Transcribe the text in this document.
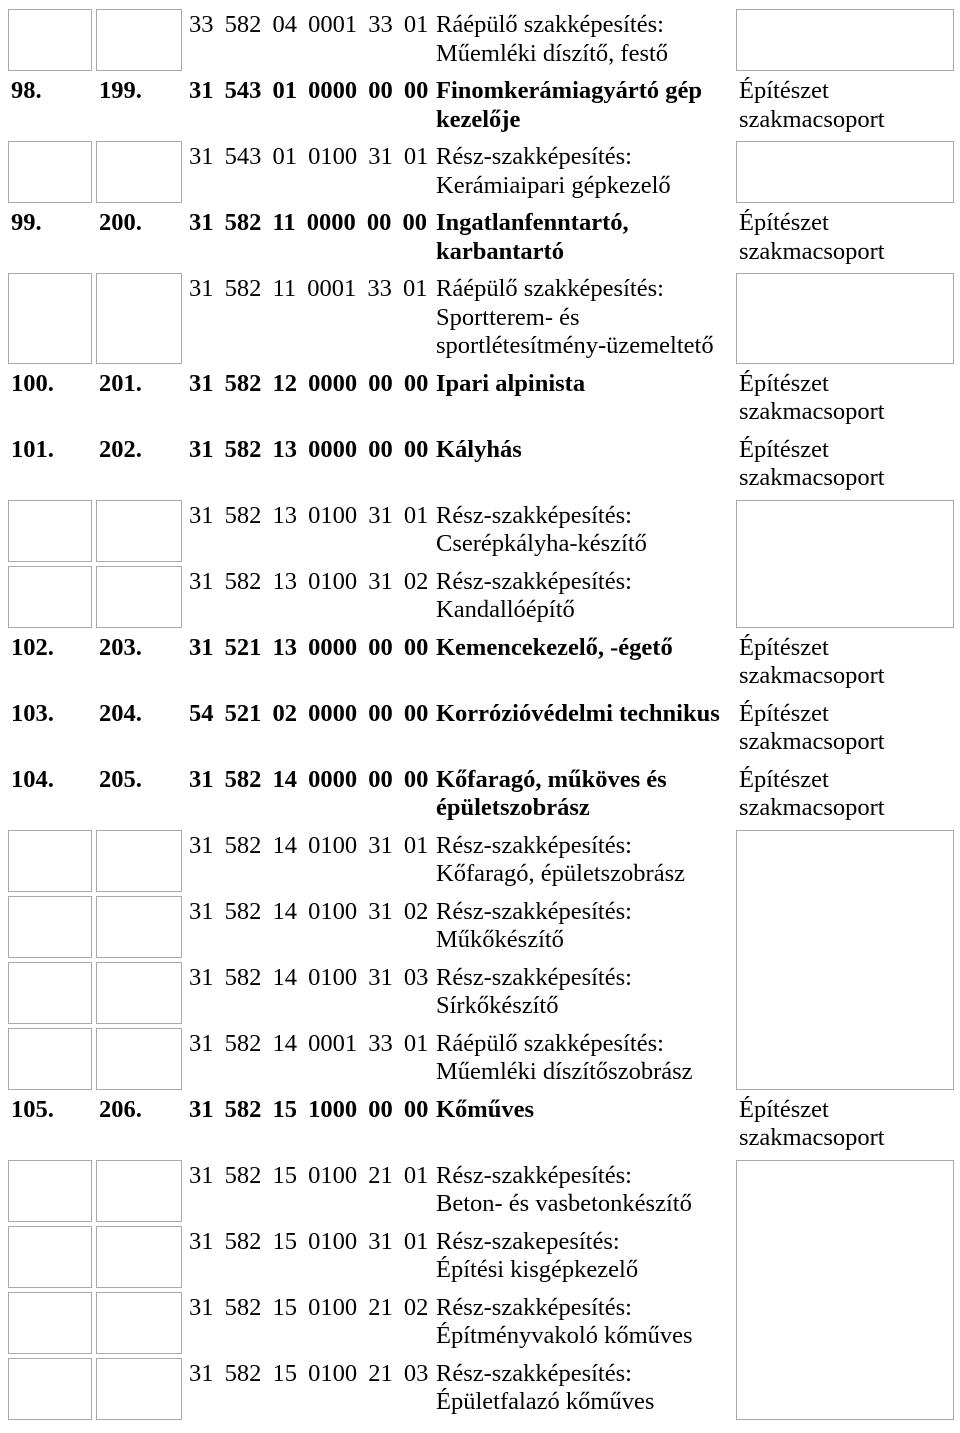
		33 582 04 0001 33 01	Ráépülő szakképesítés:
Műemléki díszítő, festő	

98.	199.	31 543 01 0000 00 00	Finomkerámiagyártó gép kezelője	Építészet szakmacsoport
		31 543 01 0100 31 01	Rész-szakképesítés:
Kerámiaipari gépkezelő	

99.	200.	31 582 11 0000 00 00	Ingatlanfenntartó, karbantartó	Építészet szakmacsoport
		31 582 11 0001 33 01	Ráépülő szakképesítés:
Sportterem- és sportlétesítmény-üzemeltető	

100.	201.	31 582 12 0000 00 00	Ipari alpinista	Építészet szakmacsoport
101.	202.	31 582 13 0000 00 00	Kályhás	Építészet szakmacsoport
		31 582 13 0100 31 01	Rész-szakképesítés:
Cserépkályha-készítő	

		31 582 13 0100 31 02	Rész-szakképesítés:
Kandallóépítő	

102.	203.	31 521 13 0000 00 00	Kemencekezelő, -égető	Építészet szakmacsoport
103.	204.	54 521 02 0000 00 00	Korrózióvédelmi technikus	Építészet szakmacsoport
104.	205.	31 582 14 0000 00 00	Kőfaragó, műköves és épületszobrász	Építészet szakmacsoport
		31 582 14 0100 31 01	Rész-szakképesítés:
Kőfaragó, épületszobrász	

		31 582 14 0100 31 02	Rész-szakképesítés:
Műkőkészítő	

		31 582 14 0100 31 03	Rész-szakképesítés:
Sírkőkészítő	

		31 582 14 0001 33 01	Ráépülő szakképesítés:
Műemléki díszítőszobrász	

105.	206.	31 582 15 1000 00 00	Kőműves	Építészet szakmacsoport
		31 582 15 0100 21 01	Rész-szakképesítés:
Beton- és vasbetonkészítő	

		31 582 15 0100 31 01	Rész-szakepesítés:
Építési kisgépkezelő	

		31 582 15 0100 21 02	Rész-szakképesítés:
Építményvakoló kőműves	

		31 582 15 0100 21 03	Rész-szakképesítés:
Épületfalazó kőműves	
